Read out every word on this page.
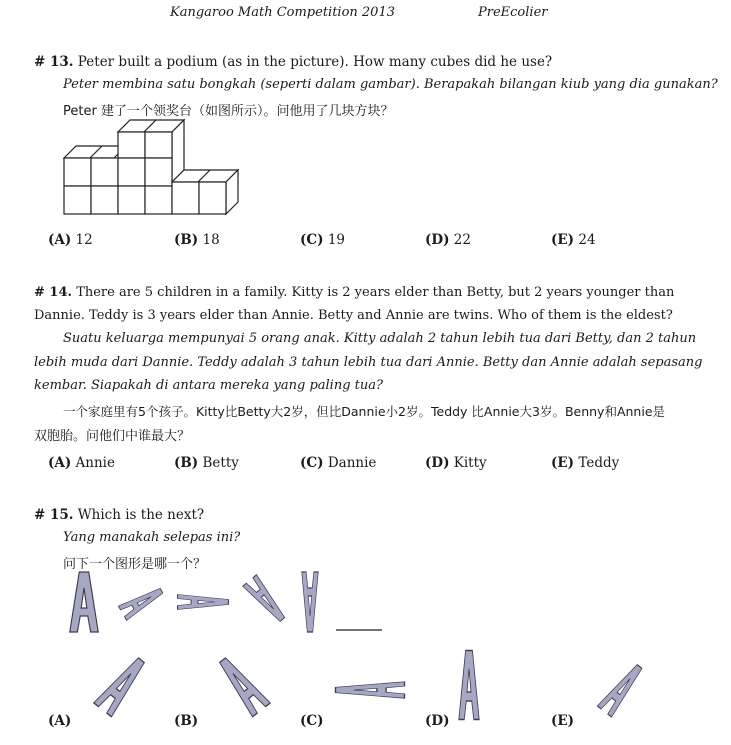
Kangaroo Math Competition 2013	PreEcolier
# 13. Peter built a podium (as in the picture). How many cubes did he use?
Peter membina satu bongkah (seperti dalam gambar). Berapakah bilangan kiub yang dia gunakan?
Peter 建了一个领奖台（如图所示）。问他用了几块方块？
(A) 12	(B) 18	(C) 19	(D) 22	(E) 24
# 14. There are 5 children in a family. Kitty is 2 years elder than Betty, but 2 years younger than
Dannie. Teddy is 3 years elder than Annie. Betty and Annie are twins. Who of them is the eldest?
Suatu keluarga mempunyai 5 orang anak. Kitty adalah 2 tahun lebih tua dari Betty, dan 2 tahun
lebih muda dari Dannie. Teddy adalah 3 tahun lebih tua dari Annie. Betty dan Annie adalah sepasang
kembar. Siapakah di antara mereka yang paling tua?
一个家庭里有5个孩子。Kitty比Betty大2岁，但比Dannie小2岁。Teddy 比Annie大3岁。Benny和Annie是
双胞胎。问他们中谁最大？
(A) Annie	(B) Betty	(C) Dannie	(D) Kitty	(E) Teddy
# 15. Which is the next?
Yang manakah selepas ini?
问下一个图形是哪一个？
(A)	(B)	(C)	(D)	(E)
